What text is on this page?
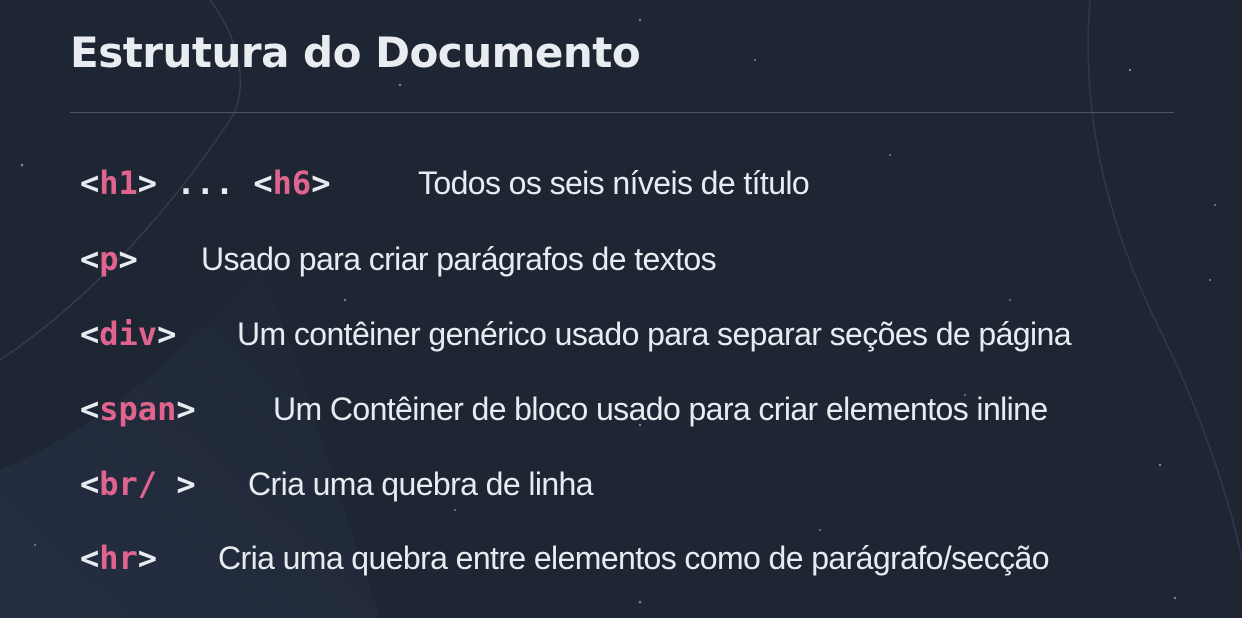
Estrutura do Documento
<h1> ... <h6>	Todos os seis níveis de título
<p>	Usado para criar parágrafos de textos
<div>	Um contêiner genérico usado para separar seções de página
<span>	Um Contêiner de bloco usado para criar elementos inline
<br/ >	Cria uma quebra de linha
<hr>	Cria uma quebra entre elementos como de parágrafo/secção
